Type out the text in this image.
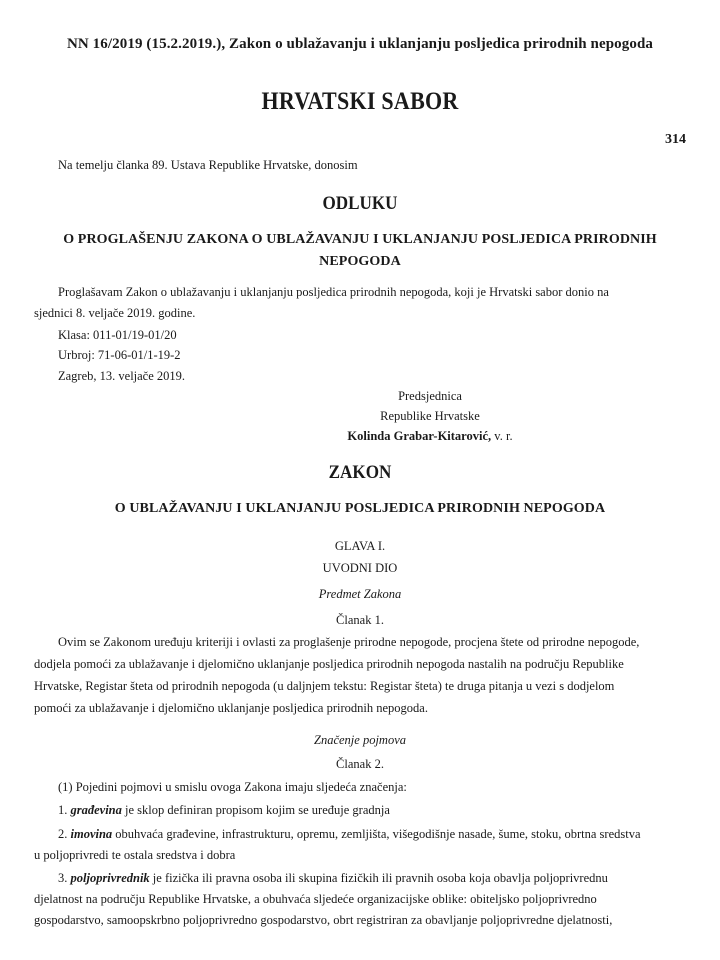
NN 16/2019 (15.2.2019.), Zakon o ublažavanju i uklanjanju posljedica prirodnih nepogoda
HRVATSKI SABOR
314
Na temelju članka 89. Ustava Republike Hrvatske, donosim
ODLUKU
O PROGLAŠENJU ZAKONA O UBLAŽAVANJU I UKLANJANJU POSLJEDICA PRIRODNIH
NEPOGODA
Proglašavam Zakon o ublažavanju i uklanjanju posljedica prirodnih nepogoda, koji je Hrvatski sabor donio na
sjednici 8. veljače 2019. godine.
Klasa: 011-01/19-01/20
Urbroj: 71-06-01/1-19-2
Zagreb, 13. veljače 2019.
Predsjednica
Republike Hrvatske
Kolinda Grabar-Kitarović, v. r.
ZAKON
O UBLAŽAVANJU I UKLANJANJU POSLJEDICA PRIRODNIH NEPOGODA
GLAVA I.
UVODNI DIO
Predmet Zakona
Članak 1.
Ovim se Zakonom uređuju kriteriji i ovlasti za proglašenje prirodne nepogode, procjena štete od prirodne nepogode,
dodjela pomoći za ublažavanje i djelomično uklanjanje posljedica prirodnih nepogoda nastalih na području Republike
Hrvatske, Registar šteta od prirodnih nepogoda (u daljnjem tekstu: Registar šteta) te druga pitanja u vezi s dodjelom
pomoći za ublažavanje i djelomično uklanjanje posljedica prirodnih nepogoda.
Značenje pojmova
Članak 2.
(1) Pojedini pojmovi u smislu ovoga Zakona imaju sljedeća značenja:
1. građevina je sklop definiran propisom kojim se uređuje gradnja
2. imovina obuhvaća građevine, infrastrukturu, opremu, zemljišta, višegodišnje nasade, šume, stoku, obrtna sredstva
u poljoprivredi te ostala sredstva i dobra
3. poljoprivrednik je fizička ili pravna osoba ili skupina fizičkih ili pravnih osoba koja obavlja poljoprivrednu
djelatnost na području Republike Hrvatske, a obuhvaća sljedeće organizacijske oblike: obiteljsko poljoprivredno
gospodarstvo, samoopskrbno poljoprivredno gospodarstvo, obrt registriran za obavljanje poljoprivredne djelatnosti,
